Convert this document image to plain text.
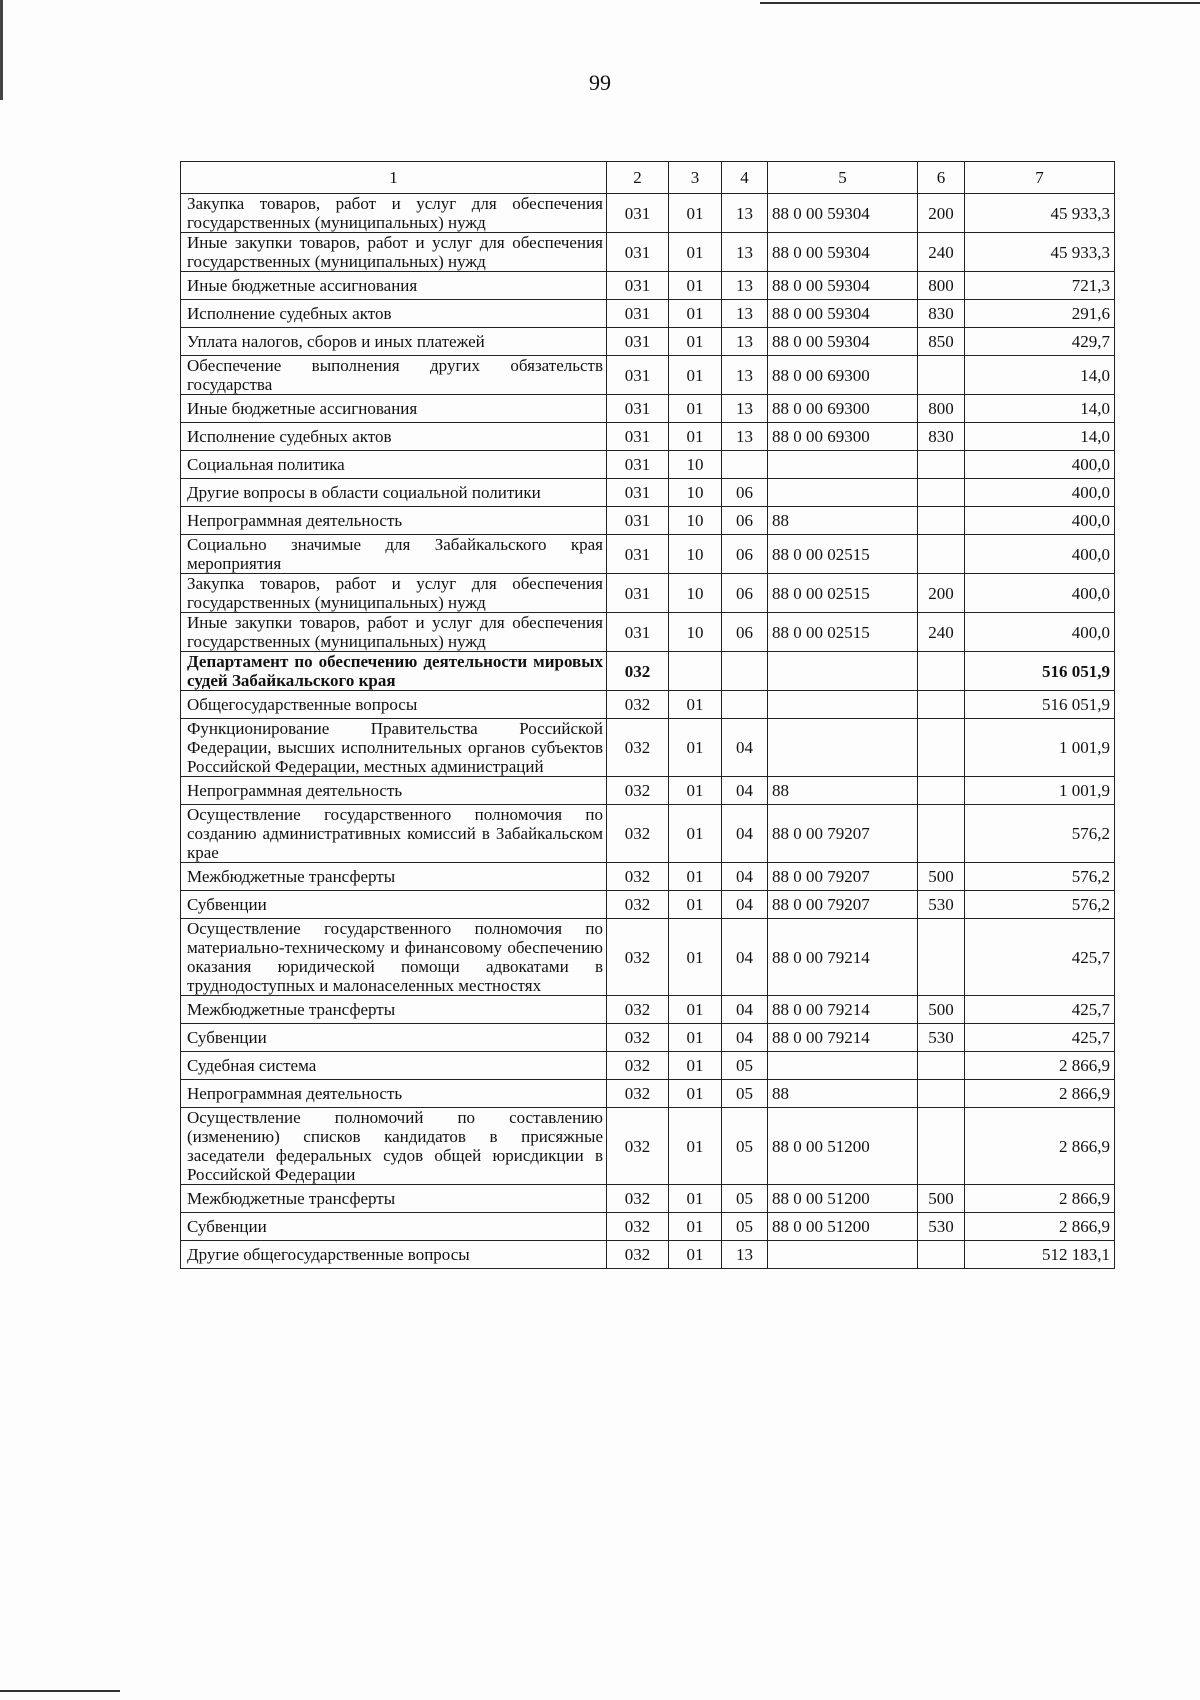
99
1	2	3	4	5	6	7
Закупка товаров, работ и услуг для обеспечения государственных (муниципальных) нужд	031	01	13	88 0 00 59304	200	45 933,3
Иные закупки товаров, работ и услуг для обеспечения государственных (муниципальных) нужд	031	01	13	88 0 00 59304	240	45 933,3
Иные бюджетные ассигнования	031	01	13	88 0 00 59304	800	721,3
Исполнение судебных актов	031	01	13	88 0 00 59304	830	291,6
Уплата налогов, сборов и иных платежей	031	01	13	88 0 00 59304	850	429,7
Обеспечение выполнения других обязательств государства	031	01	13	88 0 00 69300		14,0
Иные бюджетные ассигнования	031	01	13	88 0 00 69300	800	14,0
Исполнение судебных актов	031	01	13	88 0 00 69300	830	14,0
Социальная политика	031	10				400,0
Другие вопросы в области социальной политики	031	10	06			400,0
Непрограммная деятельность	031	10	06	88		400,0
Социально значимые для Забайкальского края мероприятия	031	10	06	88 0 00 02515		400,0
Закупка товаров, работ и услуг для обеспечения государственных (муниципальных) нужд	031	10	06	88 0 00 02515	200	400,0
Иные закупки товаров, работ и услуг для обеспечения государственных (муниципальных) нужд	031	10	06	88 0 00 02515	240	400,0
Департамент по обеспечению деятельности мировых судей Забайкальского края	032					516 051,9
Общегосударственные вопросы	032	01				516 051,9
Функционирование Правительства Российской Федерации, высших исполнительных органов субъектов Российской Федерации, местных администраций	032	01	04			1 001,9
Непрограммная деятельность	032	01	04	88		1 001,9
Осуществление государственного полномочия по созданию административных комиссий в Забайкальском крае	032	01	04	88 0 00 79207		576,2
Межбюджетные трансферты	032	01	04	88 0 00 79207	500	576,2
Субвенции	032	01	04	88 0 00 79207	530	576,2
Осуществление государственного полномочия по материально-техническому и финансовому обеспечению оказания юридической помощи адвокатами в труднодоступных и малонаселенных местностях	032	01	04	88 0 00 79214		425,7
Межбюджетные трансферты	032	01	04	88 0 00 79214	500	425,7
Субвенции	032	01	04	88 0 00 79214	530	425,7
Судебная система	032	01	05			2 866,9
Непрограммная деятельность	032	01	05	88		2 866,9
Осуществление полномочий по составлению (изменению) списков кандидатов в присяжные заседатели федеральных судов общей юрисдикции в Российской Федерации	032	01	05	88 0 00 51200		2 866,9
Межбюджетные трансферты	032	01	05	88 0 00 51200	500	2 866,9
Субвенции	032	01	05	88 0 00 51200	530	2 866,9
Другие общегосударственные вопросы	032	01	13			512 183,1
